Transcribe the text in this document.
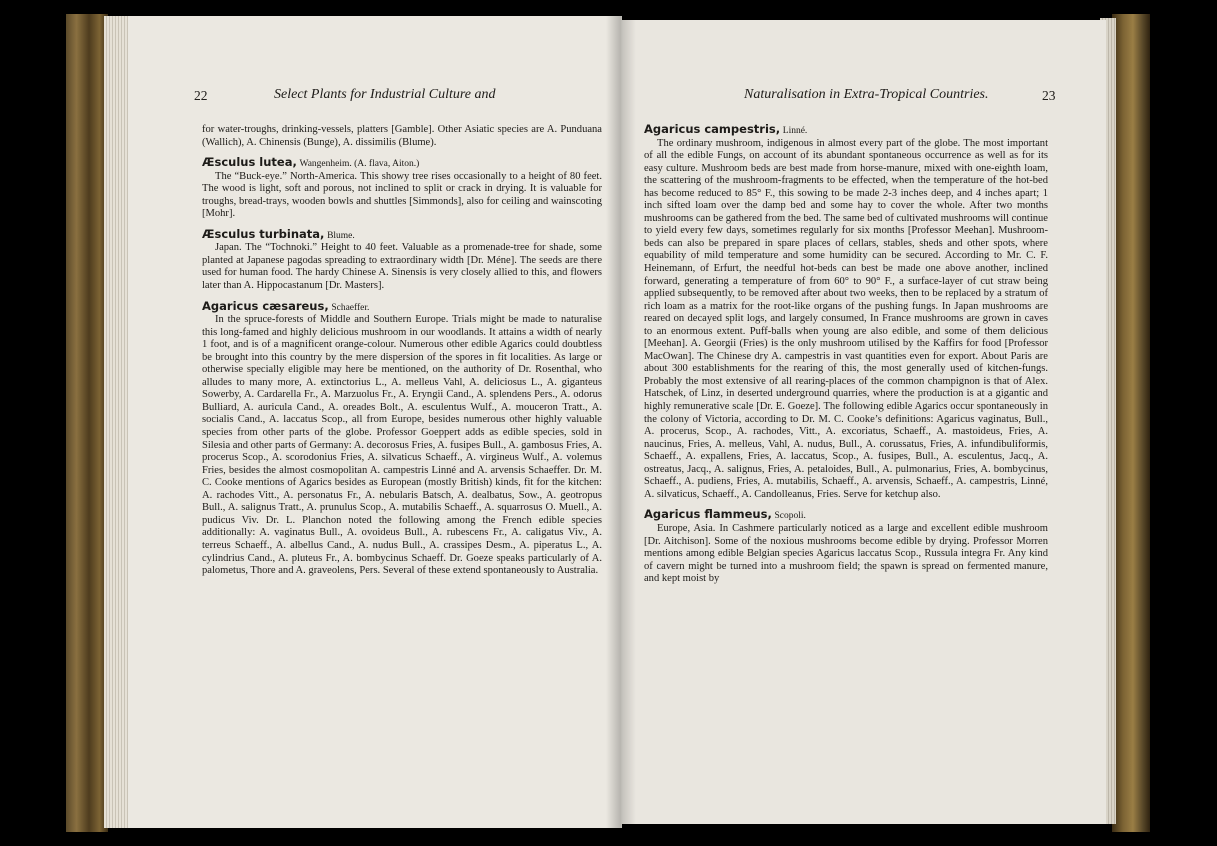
22	Select Plants for Industrial Culture and

for water-troughs, drinking-vessels, platters [Gamble]. Other Asiatic species are A. Punduana (Wallich), A. Chinensis (Bunge), A. dissimilis (Blume).

Æsculus lutea, Wangenheim. (A. flava, Aiton.)

The “Buck-eye.” North-America. This showy tree rises occasionally to a height of 80 feet. The wood is light, soft and porous, not inclined to split or crack in drying. It is valuable for troughs, bread-trays, wooden bowls and shuttles [Simmonds], also for ceiling and wainscoting [Mohr].

Æsculus turbinata, Blume.

Japan. The “Tochnoki.” Height to 40 feet. Valuable as a promenade-tree for shade, some planted at Japanese pagodas spreading to extraordinary width [Dr. Méne]. The seeds are there used for human food. The hardy Chinese A. Sinensis is very closely allied to this, and flowers later than A. Hippocastanum [Dr. Masters].

Agaricus cæsareus, Schaeffer.

In the spruce-forests of Middle and Southern Europe. Trials might be made to naturalise this long-famed and highly delicious mushroom in our woodlands. It attains a width of nearly 1 foot, and is of a magnificent orange-colour. Numerous other edible Agarics could doubtless be brought into this country by the mere dispersion of the spores in fit localities. As large or otherwise specially eligible may here be mentioned, on the authority of Dr. Rosenthal, who alludes to many more, A. extinctorius L., A. melleus Vahl, A. deliciosus L., A. giganteus Sowerby, A. Cardarella Fr., A. Marzuolus Fr., A. Eryngii Cand., A. splendens Pers., A. odorus Bulliard, A. auricula Cand., A. oreades Bolt., A. esculentus Wulf., A. mouceron Tratt., A. socialis Cand., A. laccatus Scop., all from Europe, besides numerous other highly valuable species from other parts of the globe. Professor Goeppert adds as edible species, sold in Silesia and other parts of Germany: A. decorosus Fries, A. fusipes Bull., A. gambosus Fries, A. procerus Scop., A. scorodonius Fries, A. silvaticus Schaeff., A. virgineus Wulf., A. volemus Fries, besides the almost cosmopolitan A. campestris Linné and A. arvensis Schaeffer. Dr. M. C. Cooke mentions of Agarics besides as European (mostly British) kinds, fit for the kitchen: A. rachodes Vitt., A. personatus Fr., A. nebularis Batsch, A. dealbatus, Sow., A. geotropus Bull., A. salignus Tratt., A. prunulus Scop., A. mutabilis Schaeff., A. squarrosus O. Muell., A. pudicus Viv. Dr. L. Planchon noted the following among the French edible species additionally: A. vaginatus Bull., A. ovoideus Bull., A. rubescens Fr., A. caligatus Viv., A. terreus Schaeff., A. albellus Cand., A. nudus Bull., A. crassipes Desm., A. piperatus L., A. cylindrius Cand., A. pluteus Fr., A. bombycinus Schaeff. Dr. Goeze speaks particularly of A. palometus, Thore and A. graveolens, Pers. Several of these extend spontaneously to Australia.

Naturalisation in Extra-Tropical Countries.	23

Agaricus campestris, Linné.

The ordinary mushroom, indigenous in almost every part of the globe. The most important of all the edible Fungs, on account of its abundant spontaneous occurrence as well as for its easy culture. Mushroom beds are best made from horse-manure, mixed with one-eighth loam, the scattering of the mushroom-fragments to be effected, when the temperature of the hot-bed has become reduced to 85° F., this sowing to be made 2-3 inches deep, and 4 inches apart; 1 inch sifted loam over the damp bed and some hay to cover the whole. After two months mushrooms can be gathered from the bed. The same bed of cultivated mushrooms will continue to yield every few days, sometimes regularly for six months [Professor Meehan]. Mushroom-beds can also be prepared in spare places of cellars, stables, sheds and other spots, where equability of mild temperature and some humidity can be secured. According to Mr. C. F. Heinemann, of Erfurt, the needful hot-beds can best be made one above another, inclined forward, generating a temperature of from 60° to 90° F., a surface-layer of cut straw being applied subsequently, to be removed after about two weeks, then to be replaced by a stratum of rich loam as a matrix for the root-like organs of the pushing fungs. In Japan mushrooms are reared on decayed split logs, and largely consumed, In France mushrooms are grown in caves to an enormous extent. Puff-balls when young are also edible, and some of them delicious [Meehan]. A. Georgii (Fries) is the only mushroom utilised by the Kaffirs for food [Professor MacOwan]. The Chinese dry A. campestris in vast quantities even for export. About Paris are about 300 establishments for the rearing of this, the most generally used of kitchen-fungs. Probably the most extensive of all rearing-places of the common champignon is that of Alex. Hatschek, of Linz, in deserted underground quarries, where the production is at a gigantic and highly remunerative scale [Dr. E. Goeze]. The following edible Agarics occur spontaneously in the colony of Victoria, according to Dr. M. C. Cooke’s definitions: Agaricus vaginatus, Bull., A. procerus, Scop., A. rachodes, Vitt., A. excoriatus, Schaeff., A. mastoideus, Fries, A. naucinus, Fries, A. melleus, Vahl, A. nudus, Bull., A. corussatus, Fries, A. infundibuliformis, Schaeff., A. expallens, Fries, A. laccatus, Scop., A. fusipes, Bull., A. esculentus, Jacq., A. ostreatus, Jacq., A. salignus, Fries, A. petaloides, Bull., A. pulmonarius, Fries, A. bombycinus, Schaeff., A. pudiens, Fries, A. mutabilis, Schaeff., A. arvensis, Schaeff., A. campestris, Linné, A. silvaticus, Schaeff., A. Candolleanus, Fries. Serve for ketchup also.

Agaricus flammeus, Scopoli.

Europe, Asia. In Cashmere particularly noticed as a large and excellent edible mushroom [Dr. Aitchison]. Some of the noxious mushrooms become edible by drying. Professor Morren mentions among edible Belgian species Agaricus laccatus Scop., Russula integra Fr. Any kind of cavern might be turned into a mushroom field; the spawn is spread on fermented manure, and kept moist by
